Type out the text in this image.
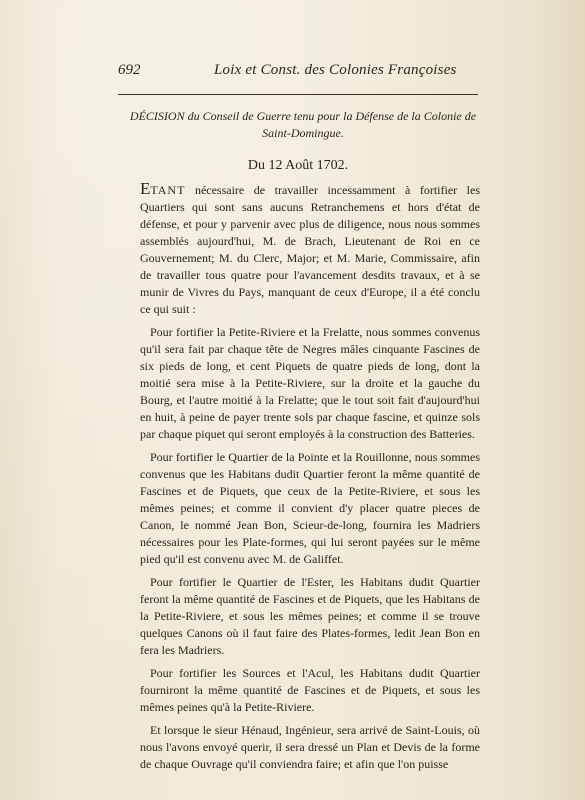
692	Loix et Const. des Colonies Françoises
DÉCISION du Conseil de Guerre tenu pour la Défense de la Colonie de Saint-Domingue.
Du 12 Août 1702.

ETANT nécessaire de travailler incessamment à fortifier les Quartiers qui sont sans aucuns Retranchemens et hors d'état de défense, et pour y parvenir avec plus de diligence, nous nous sommes assemblés aujourd'hui, M. de Brach, Lieutenant de Roi en ce Gouvernement; M. du Clerc, Major; et M. Marie, Commissaire, afin de travailler tous quatre pour l'avancement desdits travaux, et à se munir de Vivres du Pays, manquant de ceux d'Europe, il a été conclu ce qui suit :

Pour fortifier la Petite-Riviere et la Frelatte, nous sommes convenus qu'il sera fait par chaque tête de Negres mâles cinquante Fascines de six pieds de long, et cent Piquets de quatre pieds de long, dont la moitié sera mise à la Petite-Riviere, sur la droite et la gauche du Bourg, et l'autre moitié à la Frelatte; que le tout soit fait d'aujourd'hui en huit, à peine de payer trente sols par chaque fascine, et quinze sols par chaque piquet qui seront employés à la construction des Batteries.

Pour fortifier le Quartier de la Pointe et la Rouillonne, nous sommes convenus que les Habitans dudit Quartier feront la même quantité de Fascines et de Piquets, que ceux de la Petite-Riviere, et sous les mêmes peines; et comme il convient d'y placer quatre pieces de Canon, le nommé Jean Bon, Scieur-de-long, fournira les Madriers nécessaires pour les Plate-formes, qui lui seront payées sur le même pied qu'il est convenu avec M. de Galiffet.

Pour fortifier le Quartier de l'Ester, les Habitans dudit Quartier feront la même quantité de Fascines et de Piquets, que les Habitans de la Petite-Riviere, et sous les mêmes peines; et comme il se trouve quelques Canons où il faut faire des Plates-formes, ledit Jean Bon en fera les Madriers.

Pour fortifier les Sources et l'Acul, les Habitans dudit Quartier fourniront la même quantité de Fascines et de Piquets, et sous les mêmes peines qu'à la Petite-Riviere.

Et lorsque le sieur Hénaud, Ingénieur, sera arrivé de Saint-Louis, où nous l'avons envoyé querir, il sera dressé un Plan et Devis de la forme de chaque Ouvrage qu'il conviendra faire; et afin que l'on puisse
